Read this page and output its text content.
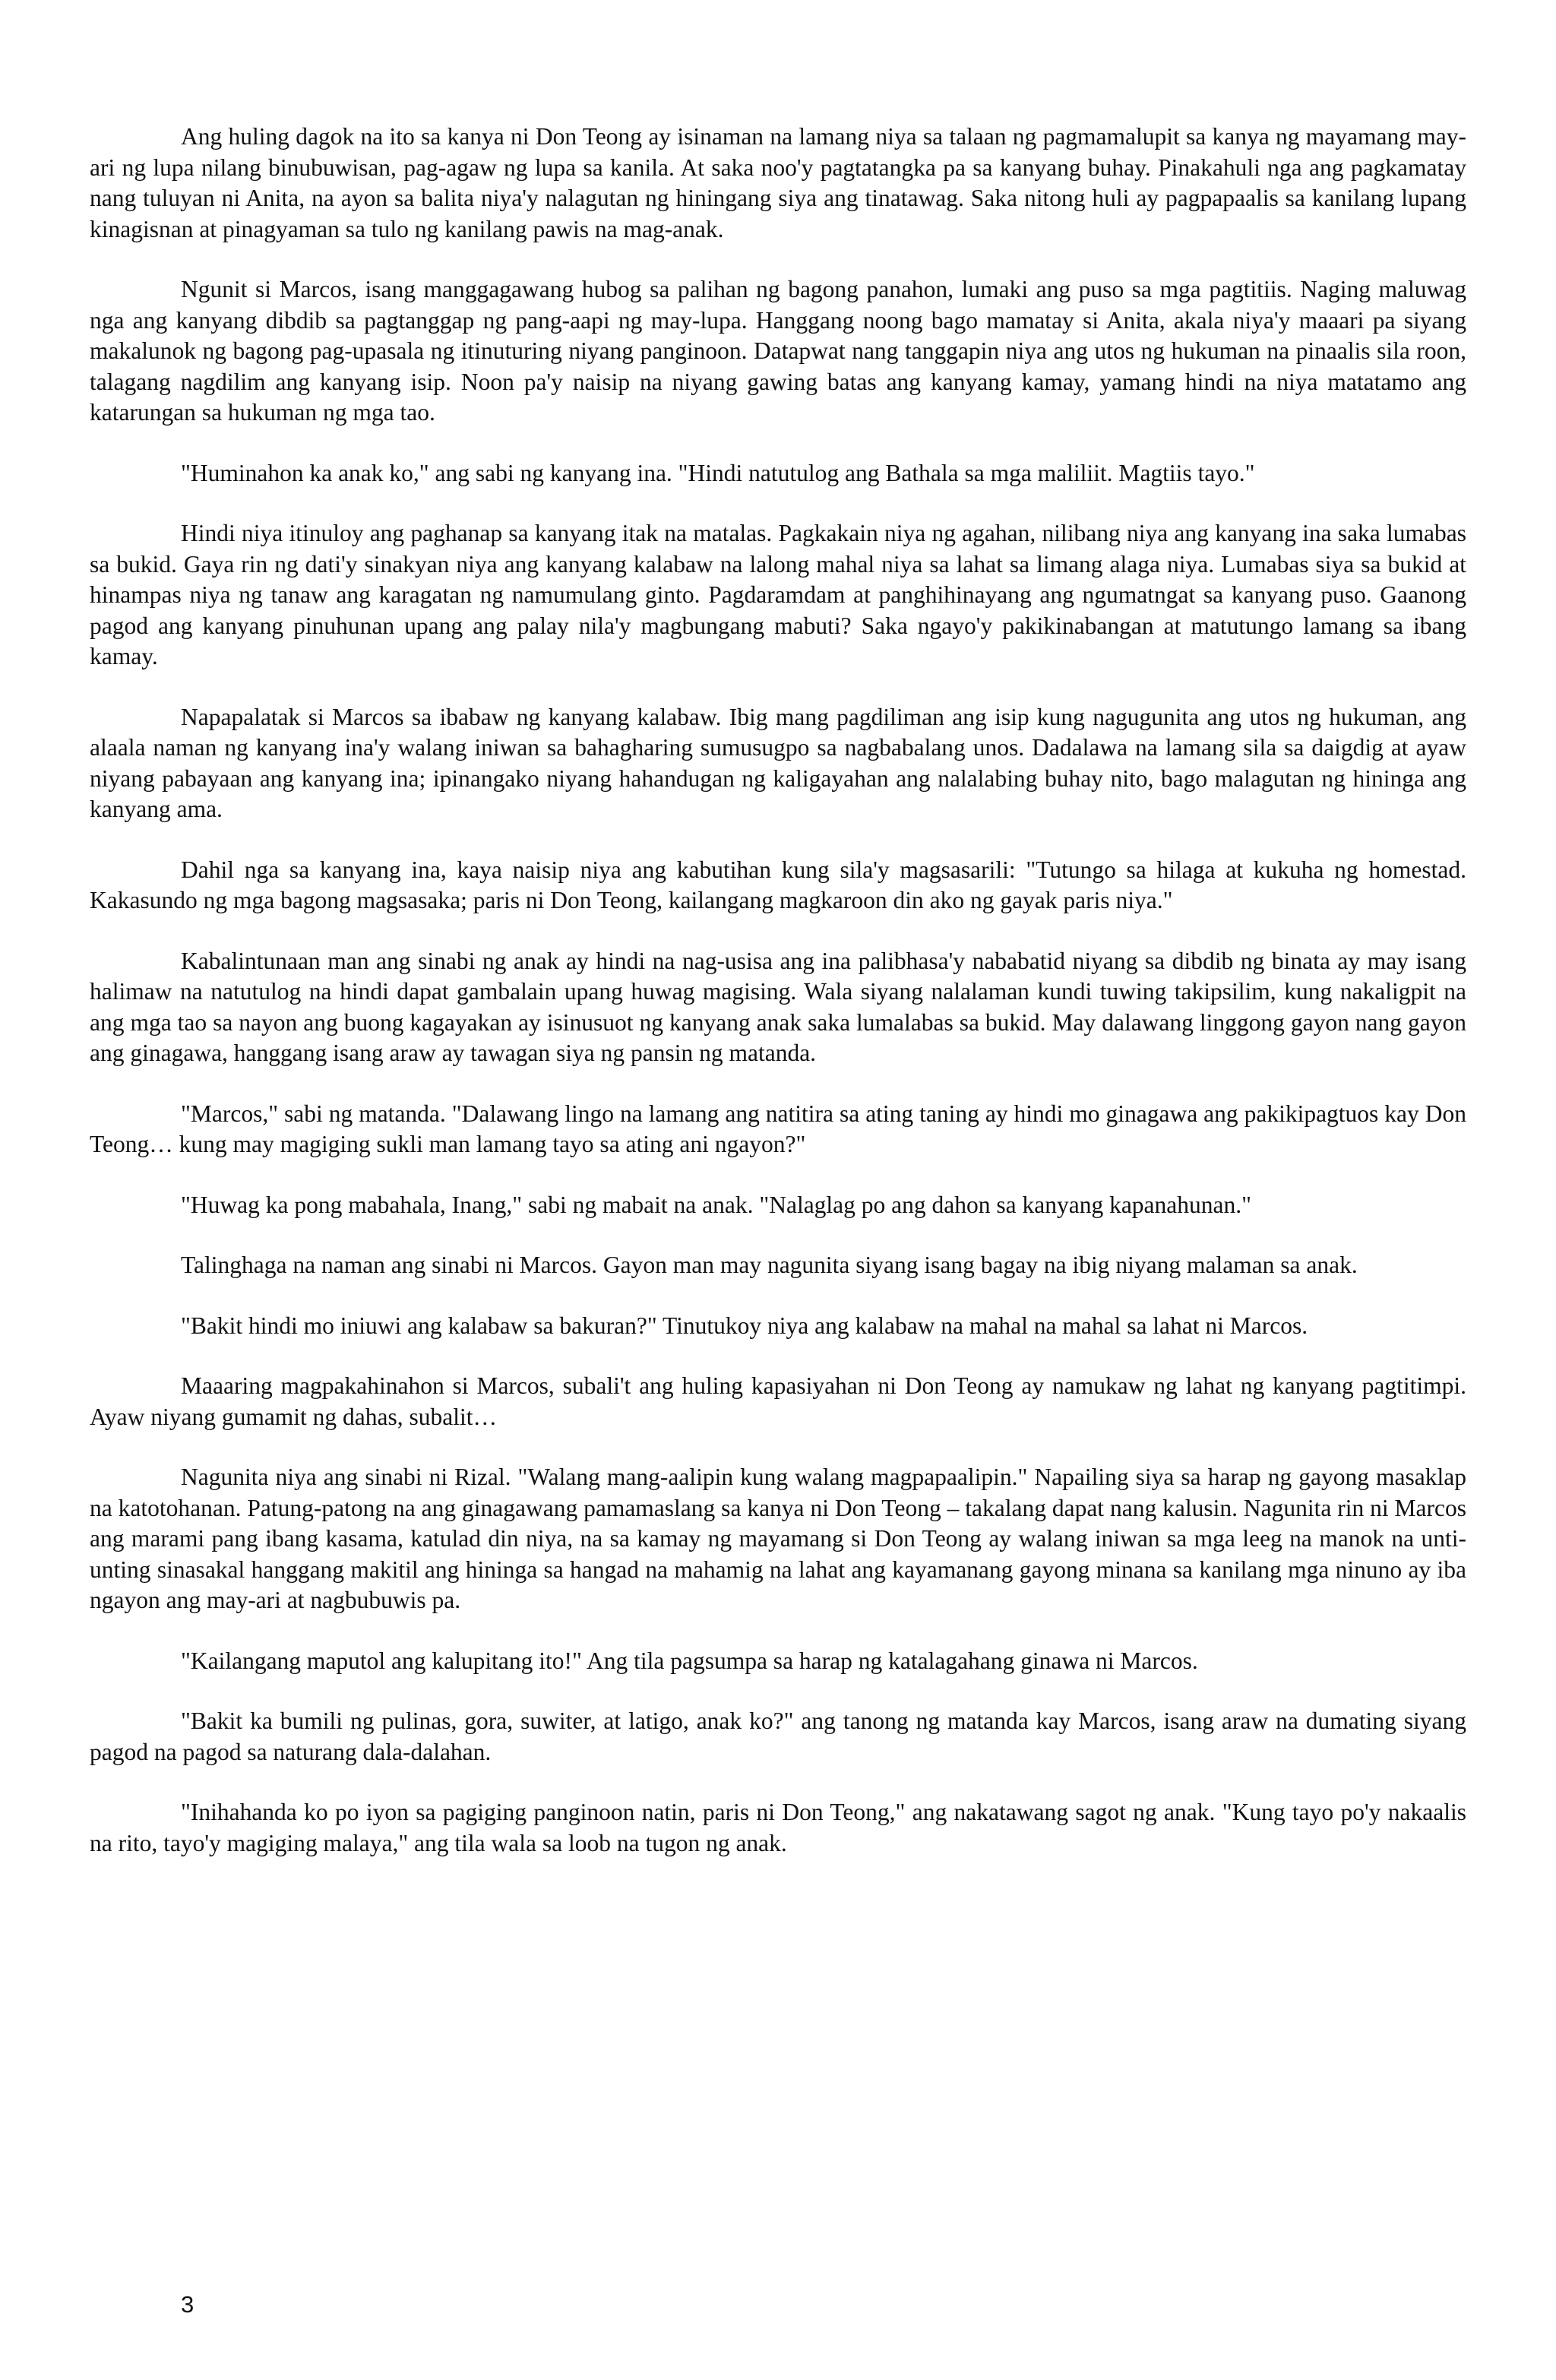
Ang huling dagok na ito sa kanya ni Don Teong ay isinaman na lamang niya sa talaan ng pagmamalupit sa kanya ng mayamang may-ari ng lupa nilang binubuwisan, pag-agaw ng lupa sa kanila. At saka noo'y pagtatangka pa sa kanyang buhay. Pinakahuli nga ang pagkamatay nang tuluyan ni Anita, na ayon sa balita niya'y nalagutan ng hiningang siya ang tinatawag. Saka nitong huli ay pagpapaalis sa kanilang lupang kinagisnan at pinagyaman sa tulo ng kanilang pawis na mag-anak.

Ngunit si Marcos, isang manggagawang hubog sa palihan ng bagong panahon, lumaki ang puso sa mga pagtitiis. Naging maluwag nga ang kanyang dibdib sa pagtanggap ng pang-aapi ng may-lupa. Hanggang noong bago mamatay si Anita, akala niya'y maaari pa siyang makalunok ng bagong pag-upasala ng itinuturing niyang panginoon. Datapwat nang tanggapin niya ang utos ng hukuman na pinaalis sila roon, talagang nagdilim ang kanyang isip. Noon pa'y naisip na niyang gawing batas ang kanyang kamay, yamang hindi na niya matatamo ang katarungan sa hukuman ng mga tao.

"Huminahon ka anak ko," ang sabi ng kanyang ina. "Hindi natutulog ang Bathala sa mga maliliit. Magtiis tayo."

Hindi niya itinuloy ang paghanap sa kanyang itak na matalas. Pagkakain niya ng agahan, nilibang niya ang kanyang ina saka lumabas sa bukid. Gaya rin ng dati'y sinakyan niya ang kanyang kalabaw na lalong mahal niya sa lahat sa limang alaga niya. Lumabas siya sa bukid at hinampas niya ng tanaw ang karagatan ng namumulang ginto. Pagdaramdam at panghihinayang ang ngumatngat sa kanyang puso. Gaanong pagod ang kanyang pinuhunan upang ang palay nila'y magbungang mabuti? Saka ngayo'y pakikinabangan at matutungo lamang sa ibang kamay.

Napapalatak si Marcos sa ibabaw ng kanyang kalabaw. Ibig mang pagdiliman ang isip kung nagugunita ang utos ng hukuman, ang alaala naman ng kanyang ina'y walang iniwan sa bahagharing sumusugpo sa nagbabalang unos. Dadalawa na lamang sila sa daigdig at ayaw niyang pabayaan ang kanyang ina; ipinangako niyang hahandugan ng kaligayahan ang nalalabing buhay nito, bago malagutan ng hininga ang kanyang ama.

Dahil nga sa kanyang ina, kaya naisip niya ang kabutihan kung sila'y magsasarili: "Tutungo sa hilaga at kukuha ng homestad. Kakasundo ng mga bagong magsasaka; paris ni Don Teong, kailangang magkaroon din ako ng gayak paris niya."

Kabalintunaan man ang sinabi ng anak ay hindi na nag-usisa ang ina palibhasa'y nababatid niyang sa dibdib ng binata ay may isang halimaw na natutulog na hindi dapat gambalain upang huwag magising. Wala siyang nalalaman kundi tuwing takipsilim, kung nakaligpit na ang mga tao sa nayon ang buong kagayakan ay isinusuot ng kanyang anak saka lumalabas sa bukid. May dalawang linggong gayon nang gayon ang ginagawa, hanggang isang araw ay tawagan siya ng pansin ng matanda.

"Marcos," sabi ng matanda. "Dalawang lingo na lamang ang natitira sa ating taning ay hindi mo ginagawa ang pakikipagtuos kay Don Teong… kung may magiging sukli man lamang tayo sa ating ani ngayon?"

"Huwag ka pong mabahala, Inang," sabi ng mabait na anak. "Nalaglag po ang dahon sa kanyang kapanahunan."

Talinghaga na naman ang sinabi ni Marcos. Gayon man may nagunita siyang isang bagay na ibig niyang malaman sa anak.

"Bakit hindi mo iniuwi ang kalabaw sa bakuran?" Tinutukoy niya ang kalabaw na mahal na mahal sa lahat ni Marcos.

Maaaring magpakahinahon si Marcos, subali't ang huling kapasiyahan ni Don Teong ay namukaw ng lahat ng kanyang pagtitimpi. Ayaw niyang gumamit ng dahas, subalit…

Nagunita niya ang sinabi ni Rizal. "Walang mang-aalipin kung walang magpapaalipin." Napailing siya sa harap ng gayong masaklap na katotohanan. Patung-patong na ang ginagawang pamamaslang sa kanya ni Don Teong – takalang dapat nang kalusin. Nagunita rin ni Marcos ang marami pang ibang kasama, katulad din niya, na sa kamay ng mayamang si Don Teong ay walang iniwan sa mga leeg na manok na unti-unting sinasakal hanggang makitil ang hininga sa hangad na mahamig na lahat ang kayamanang gayong minana sa kanilang mga ninuno ay iba ngayon ang may-ari at nagbubuwis pa.

"Kailangang maputol ang kalupitang ito!" Ang tila pagsumpa sa harap ng katalagahang ginawa ni Marcos.

"Bakit ka bumili ng pulinas, gora, suwiter, at latigo, anak ko?" ang tanong ng matanda kay Marcos, isang araw na dumating siyang pagod na pagod sa naturang dala-dalahan.

"Inihahanda ko po iyon sa pagiging panginoon natin, paris ni Don Teong," ang nakatawang sagot ng anak. "Kung tayo po'y nakaalis na rito, tayo'y magiging malaya," ang tila wala sa loob na tugon ng anak.

3
